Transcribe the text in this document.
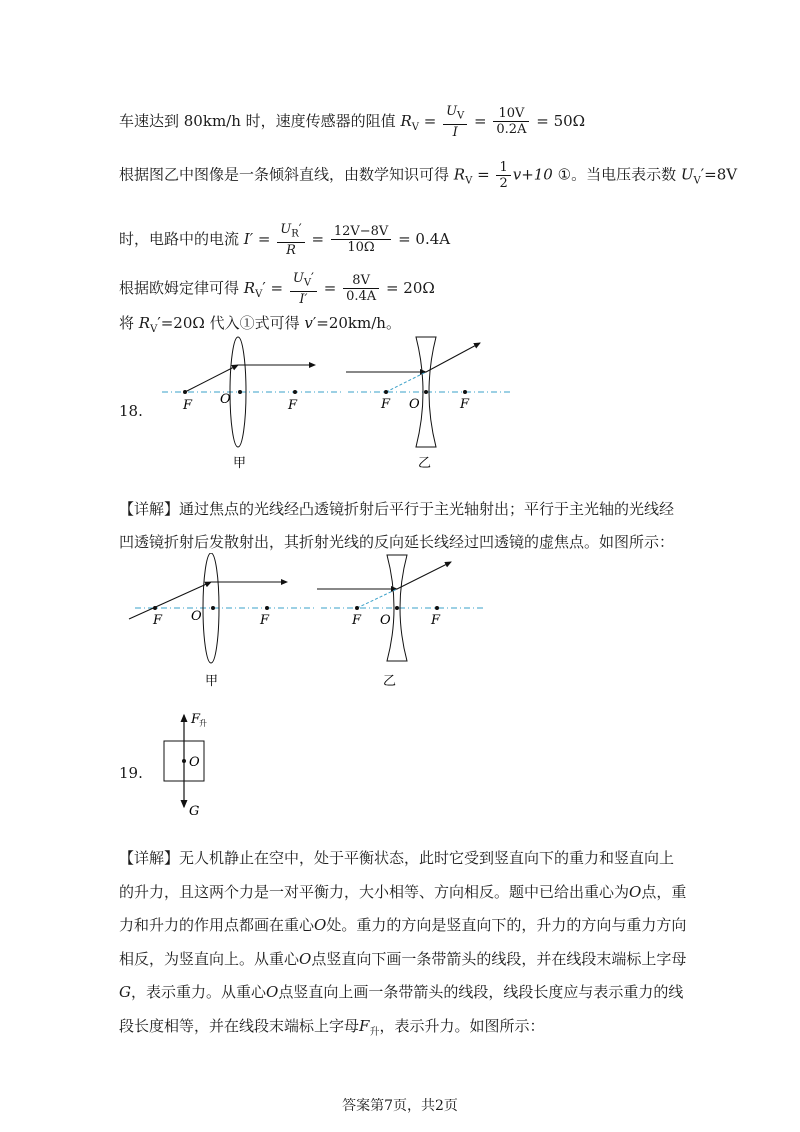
车速达到 80km/h 时，速度传感器的阻值 $R_V = \frac{U_V}{I} = \frac{10V}{0.2A} = 50\Omega$
根据图乙中图像是一条倾斜直线，由数学知识可得 $R_V = \frac{1}{2} v+10$ ①。当电压表示数 $U_V'=8V$
时，电路中的电流 $I' = \frac{U_R'}{R} = \frac{12V-8V}{10\Omega} = 0.4A$
根据欧姆定律可得 $R_V' = \frac{U_V'}{I'} = \frac{8V}{0.4A} = 20\Omega$
将 $R_V'=20\Omega$ 代入①式可得 v′=20km/h。
18.	F O	F
甲
F O	F
乙
【详解】通过焦点的光线经凸透镜折射后平行于主光轴射出；平行于主光轴的光线经凹透镜折射后发散射出，其折射光线的反向延长线经过凹透镜的虚焦点。如图所示：
F O	F
甲
F O	F
乙
19.
F
升
O
G
【详解】无人机静止在空中，处于平衡状态，此时它受到竖直向下的重力和竖直向上的升力，且这两个力是一对平衡力，大小相等、方向相反。题中已给出重心为O点，重力和升力的作用点都画在重心O处。重力的方向是竖直向下的，升力的方向与重力方向相反，为竖直向上。从重心O点竖直向下画一条带箭头的线段，并在线段末端标上字母G，表示重力。从重心O点竖直向上画一条带箭头的线段，线段长度应与表示重力的线段长度相等，并在线段末端标上字母$F_升$，表示升力。如图所示：
答案第7页，共2页
